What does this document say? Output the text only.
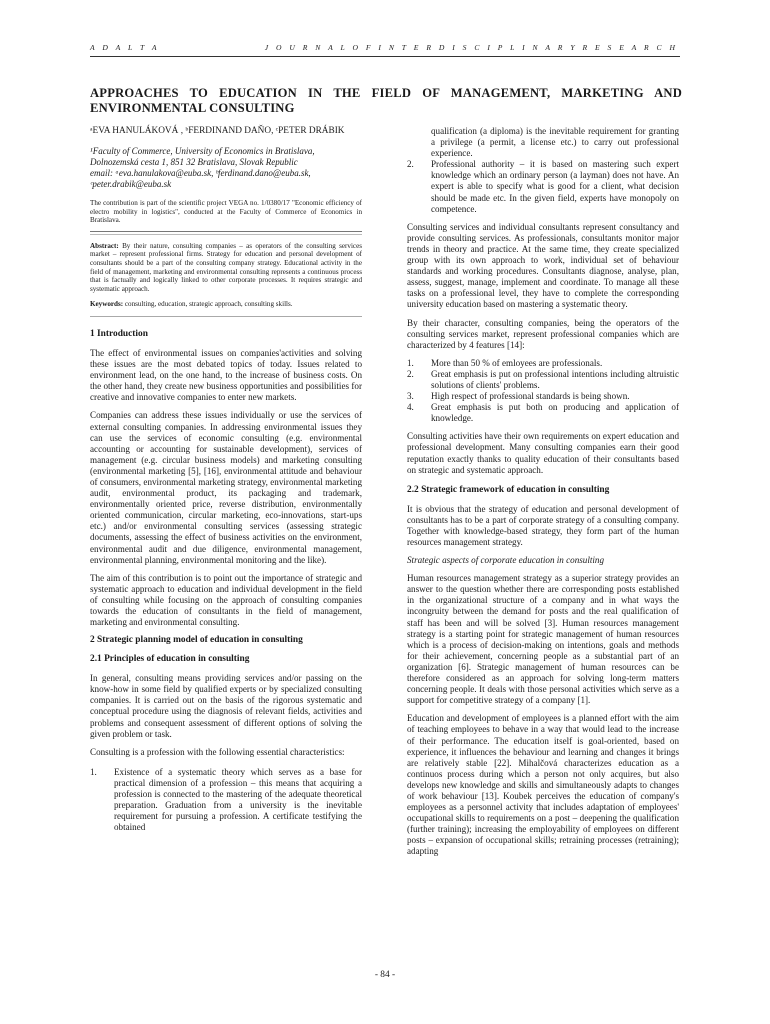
A D A L T A	J O U R N A L O F I N T E R D I S C I P L I N A R Y R E S E A R C H
APPROACHES TO EDUCATION IN THE FIELD OF MANAGEMENT, MARKETING AND ENVIRONMENTAL CONSULTING

ᵃEVA HANULÁKOVÁ , ᵇFERDINAND DAŇO, ᶜPETER DRÁBIK

¹Faculty of Commerce, University of Economics in Bratislava, Dolnozemská cesta 1, 851 32 Bratislava, Slovak Republic

email: ᵃeva.hanulakova@euba.sk, ᵇferdinand.dano@euba.sk, ᶜpeter.drabik@euba.sk

The contribution is part of the scientific project VEGA no. 1/0380/17 "Economic efficiency of electro mobility in logistics", conducted at the Faculty of Commerce of Economics in Bratislava.

Abstract: By their nature, consulting companies – as operators of the consulting services market – represent professional firms. Strategy for education and personal development of consultants should be a part of the consulting company strategy. Educational activity in the field of management, marketing and environmental consulting represents a continuous process that is factually and logically linked to other corporate processes. It requires strategic and systematic approach.

Keywords: consulting, education, strategic approach, consulting skills.

1 Introduction

The effect of environmental issues on companies'activities and solving these issues are the most debated topics of today. Issues related to environment lead, on the one hand, to the increase of business costs. On the other hand, they create new business opportunities and possibilities for creative and innovative companies to enter new markets.

Companies can address these issues individually or use the services of external consulting companies. In addressing environmental issues they can use the services of economic consulting (e.g. environmental accounting or accounting for sustainable development), services of management (e.g. circular business models) and marketing consulting (environmental marketing [5], [16], environmental attitude and behaviour of consumers, environmental marketing strategy, environmental marketing audit, environmental product, its packaging and trademark, environmentally oriented price, reverse distribution, environmentally oriented communication, circular marketing, eco-innovations, start-ups etc.) and/or environmental consulting services (assessing strategic documents, assessing the effect of business activities on the environment, environmental audit and due diligence, environmental management, environmental planning, environmental monitoring and the like).

The aim of this contribution is to point out the importance of strategic and systematic approach to education and individual development in the field of consulting while focusing on the approach of consulting companies towards the education of consultants in the field of management, marketing and environmental consulting.

2 Strategic planning model of education in consulting
2.1 Principles of education in consulting

In general, consulting means providing services and/or passing on the know-how in some field by qualified experts or by specialized consulting companies. It is carried out on the basis of the rigorous systematic and conceptual procedure using the diagnosis of relevant fields, activities and problems and consequent assessment of different options of solving the given problem or task.

Consulting is a profession with the following essential characteristics:

1.	Existence of a systematic theory which serves as a base for practical dimension of a profession – this means that acquiring a profession is connected to the mastering of the adequate theoretical preparation. Graduation from a university is the inevitable requirement for pursuing a profession. A certificate testifying the obtained
qualification (a diploma) is the inevitable requirement for granting a privilege (a permit, a license etc.) to carry out professional experience.
2.	Professional authority – it is based on mastering such expert knowledge which an ordinary person (a layman) does not have. An expert is able to specify what is good for a client, what decision should be made etc. In the given field, experts have monopoly on competence.

Consulting services and individual consultants represent consultancy and provide consulting services. As professionals, consultants monitor major trends in theory and practice. At the same time, they create specialized group with its own approach to work, individual set of behaviour standards and working procedures. Consultants diagnose, analyse, plan, assess, suggest, manage, implement and coordinate. To manage all these tasks on a professional level, they have to complete the corresponding university education based on mastering a systematic theory.

By their character, consulting companies, being the operators of the consulting services market, represent professional companies which are characterized by 4 features [14]:

1.	More than 50 % of emloyees are professionals.
2.	Great emphasis is put on professional intentions including altruistic solutions of clients' problems.
3.	High respect of professional standards is being shown.
4.	Great emphasis is put both on producing and application of knowledge.

Consulting activities have their own requirements on expert education and professional development. Many consulting companies earn their good reputation exactly thanks to quality education of their consultants based on strategic and systematic approach.

2.2 Strategic framework of education in consulting

It is obvious that the strategy of education and personal development of consultants has to be a part of corporate strategy of a consulting company. Together with knowledge-based strategy, they form part of the human resources management strategy.

Strategic aspects of corporate education in consulting

Human resources management strategy as a superior strategy provides an answer to the question whether there are corresponding posts established in the organizational structure of a company and in what ways the incongruity between the demand for posts and the real qualification of staff has been and will be solved [3]. Human resources management strategy is a starting point for strategic management of human resources which is a process of decision-making on intentions, goals and methods for their achievement, concerning people as a substantial part of an organization [6]. Strategic management of human resources can be therefore considered as an approach for solving long-term matters concerning people. It deals with those personal activities which serve as a support for competitive strategy of a company [1].

Education and development of employees is a planned effort with the aim of teaching employees to behave in a way that would lead to the increase of their performance. The education itself is goal-oriented, based on experience, it influences the behaviour and learning and changes it brings are relatively stable [22]. Mihalčová characterizes education as a continuos process during which a person not only acquires, but also develops new knowledge and skills and simultaneously adapts to changes of work behaviour [13]. Koubek perceives the education of company's employees as a personnel activity that includes adaptation of employees' occupational skills to requirements on a post – deepening the qualification (further training); increasing the employability of employees on different posts – expansion of occupational skills; retraining processes (retraining); adapting

- 84 -
